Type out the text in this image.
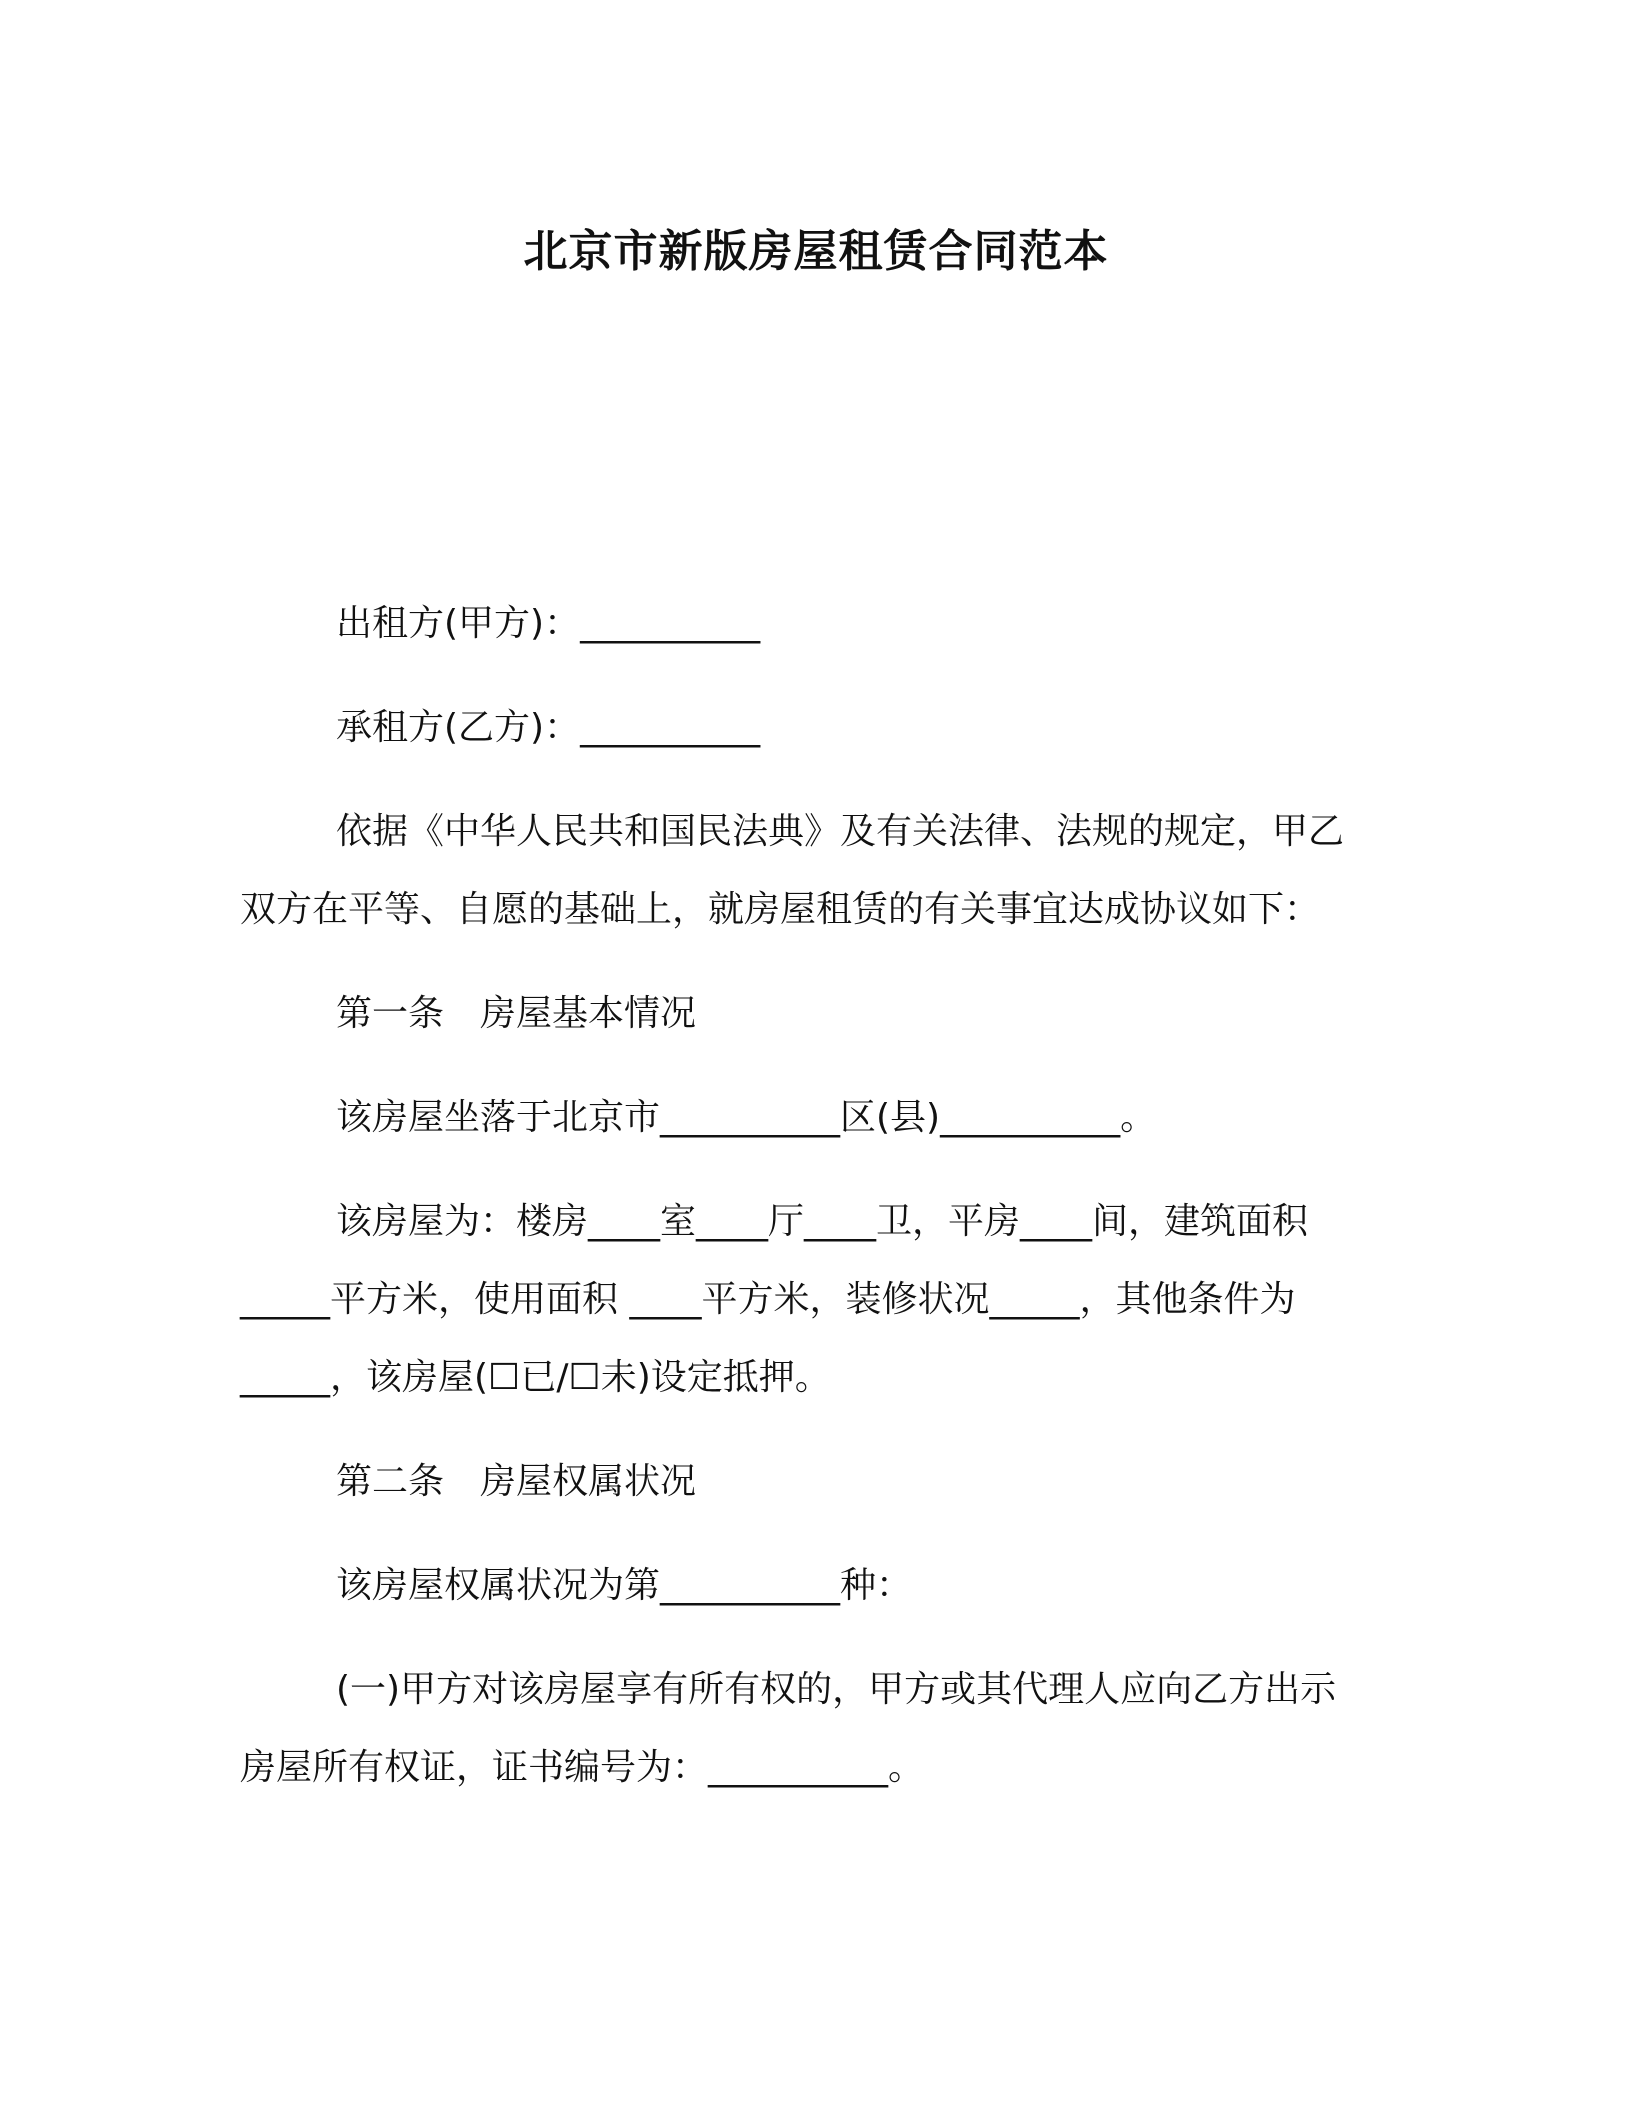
北京市新版房屋租赁合同范本

出租方(甲方)：__________

承租方(乙方)：__________

依据《中华人民共和国民法典》及有关法律、法规的规定，甲乙

双方在平等、自愿的基础上，就房屋租赁的有关事宜达成协议如下：

第一条　房屋基本情况

该房屋坐落于北京市__________区(县)__________。

该房屋为：楼房____室____厅____卫，平房____间，建筑面积

_____平方米，使用面积 ____平方米，装修状况_____，其他条件为

_____，该房屋(☐已/☐未)设定抵押。

第二条　房屋权属状况

该房屋权属状况为第__________种：

(一)甲方对该房屋享有所有权的，甲方或其代理人应向乙方出示

房屋所有权证，证书编号为：__________。
